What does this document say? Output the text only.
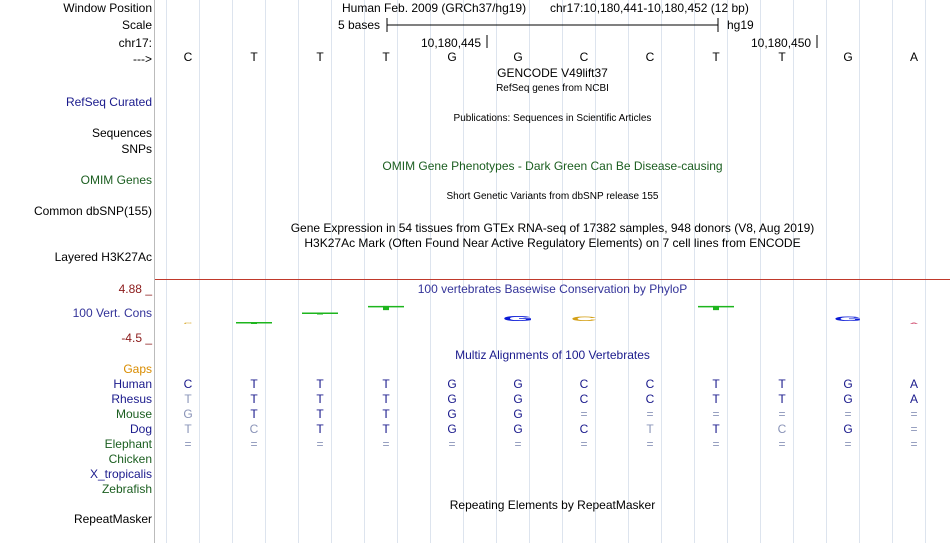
Window Position
Scale
chr17:
--->
RefSeq Curated
Sequences
SNPs
OMIM Genes
Common dbSNP(155)
Layered H3K27Ac
4.88 _
100 Vert. Cons
-4.5 _
Gaps
Human
Rhesus
Mouse
Dog
Elephant
Chicken
X_tropicalis
Zebrafish
RepeatMasker
Human Feb. 2009 (GRCh37/hg19) chr17:10,180,441-10,180,452 (12 bp)
5 bases	hg19
10,180,445	10,180,450
C	T	T	T	G	G	C	C	T	T	G	A
GENCODE V49lift37
RefSeq genes from NCBI
Publications: Sequences in Scientific Articles
OMIM Gene Phenotypes - Dark Green Can Be Disease-causing
Short Genetic Variants from dbSNP release 155
Gene Expression in 54 tissues from GTEx RNA-seq of 17382 samples, 948 donors (V8, Aug 2019)
H3K27Ac Mark (Often Found Near Active Regulatory Elements) on 7 cell lines from ENCODE
100 vertebrates Basewise Conservation by PhyloP
C
G	C	G
A
Multiz Alignments of 100 Vertebrates
C	T	T	T	G	G	C	C	T	T	G	A
T	T	T	T	G	G	C	C	T	T	G	A
G	T	T	T	G	G	=	=	=	=	=	=
T	C	T	T	G	G	C	T	T	C	G	=
=	=	=	=	=	=	=	=	=	=	=	=
Repeating Elements by RepeatMasker
